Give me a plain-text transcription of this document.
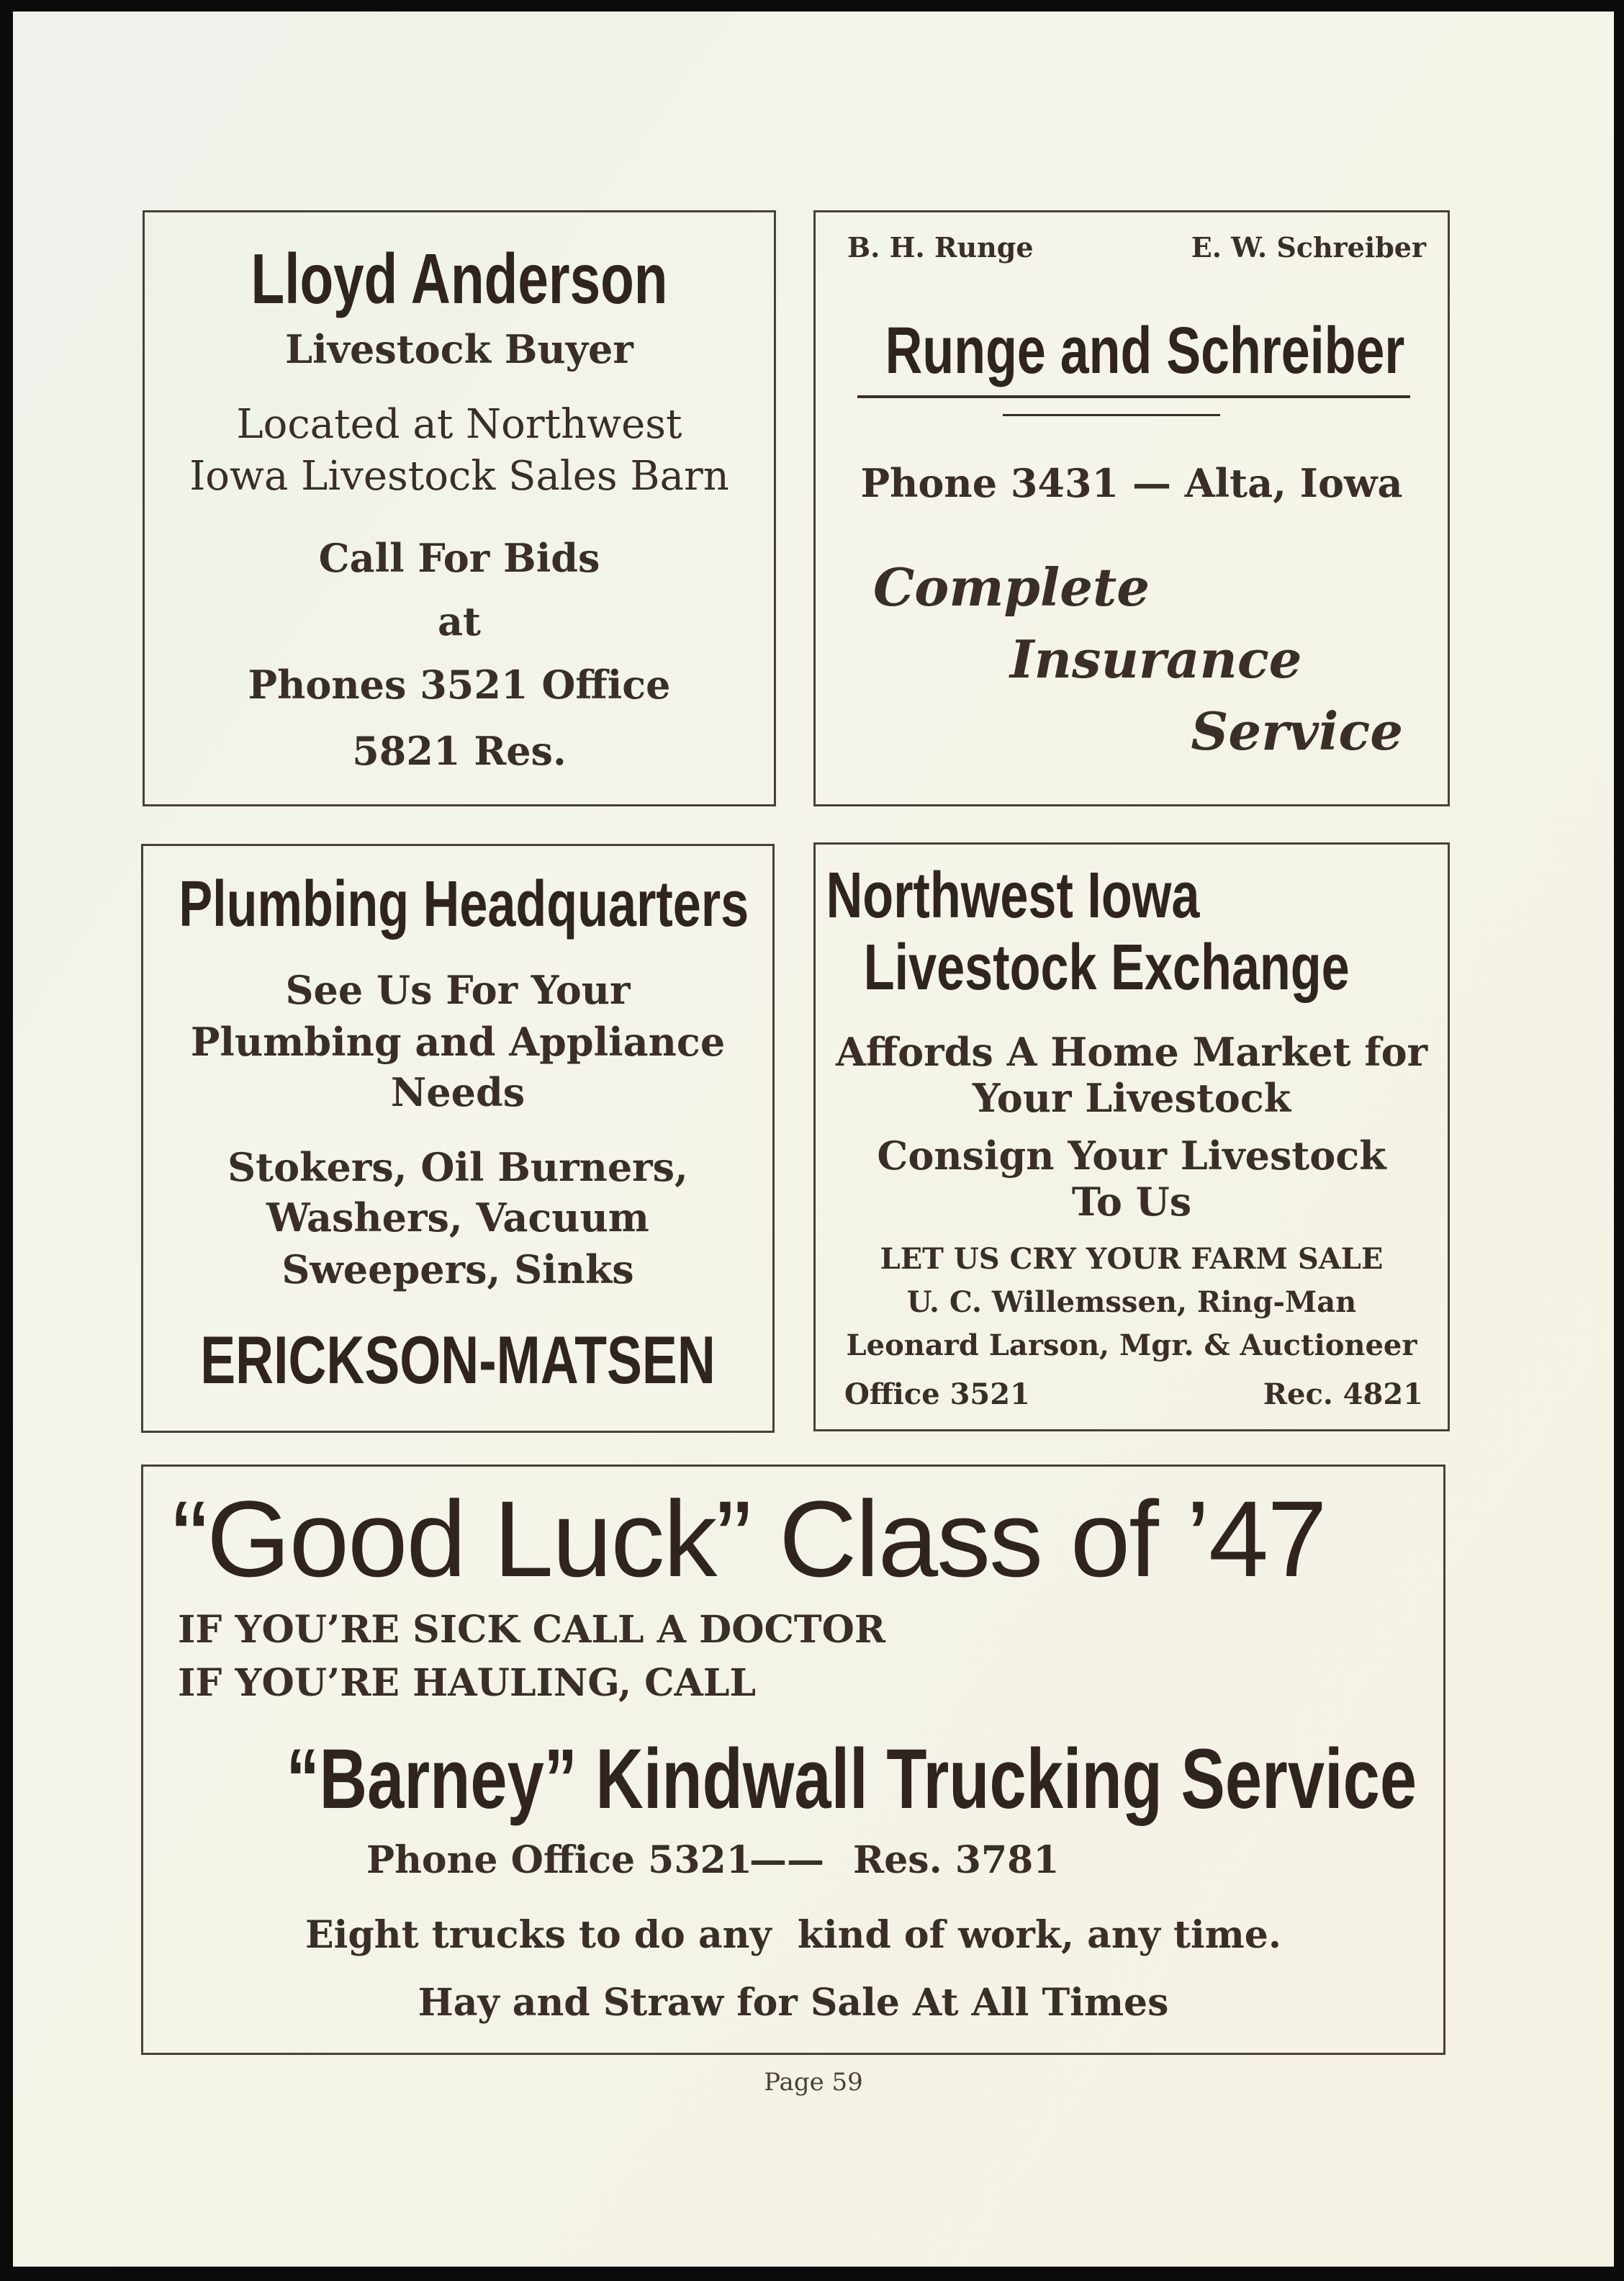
Lloyd Anderson
Livestock Buyer
Located at Northwest
Iowa Livestock Sales Barn
Call For Bids
at
Phones 3521 Office
5821 Res.
B. H. Runge	E. W. Schreiber
Runge and Schreiber
Phone 3431 — Alta, Iowa
Complete
Insurance
Service
Plumbing Headquarters
See Us For Your
Plumbing and Appliance
Needs
Stokers, Oil Burners,
Washers, Vacuum
Sweepers, Sinks
ERICKSON-MATSEN
Northwest Iowa
Livestock Exchange
Affords A Home Market for
Your Livestock
Consign Your Livestock
To Us
LET US CRY YOUR FARM SALE
U. C. Willemssen, Ring-Man
Leonard Larson, Mgr. & Auctioneer
Office 3521	Rec. 4821
“Good Luck” Class of ’47
IF YOU’RE SICK CALL A DOCTOR
IF YOU’RE HAULING, CALL
“Barney” Kindwall Trucking Service
Phone Office 5321
—— Res. 3781
Eight trucks to do any  kind of work, any time.
Hay and Straw for Sale At All Times
Page 59
